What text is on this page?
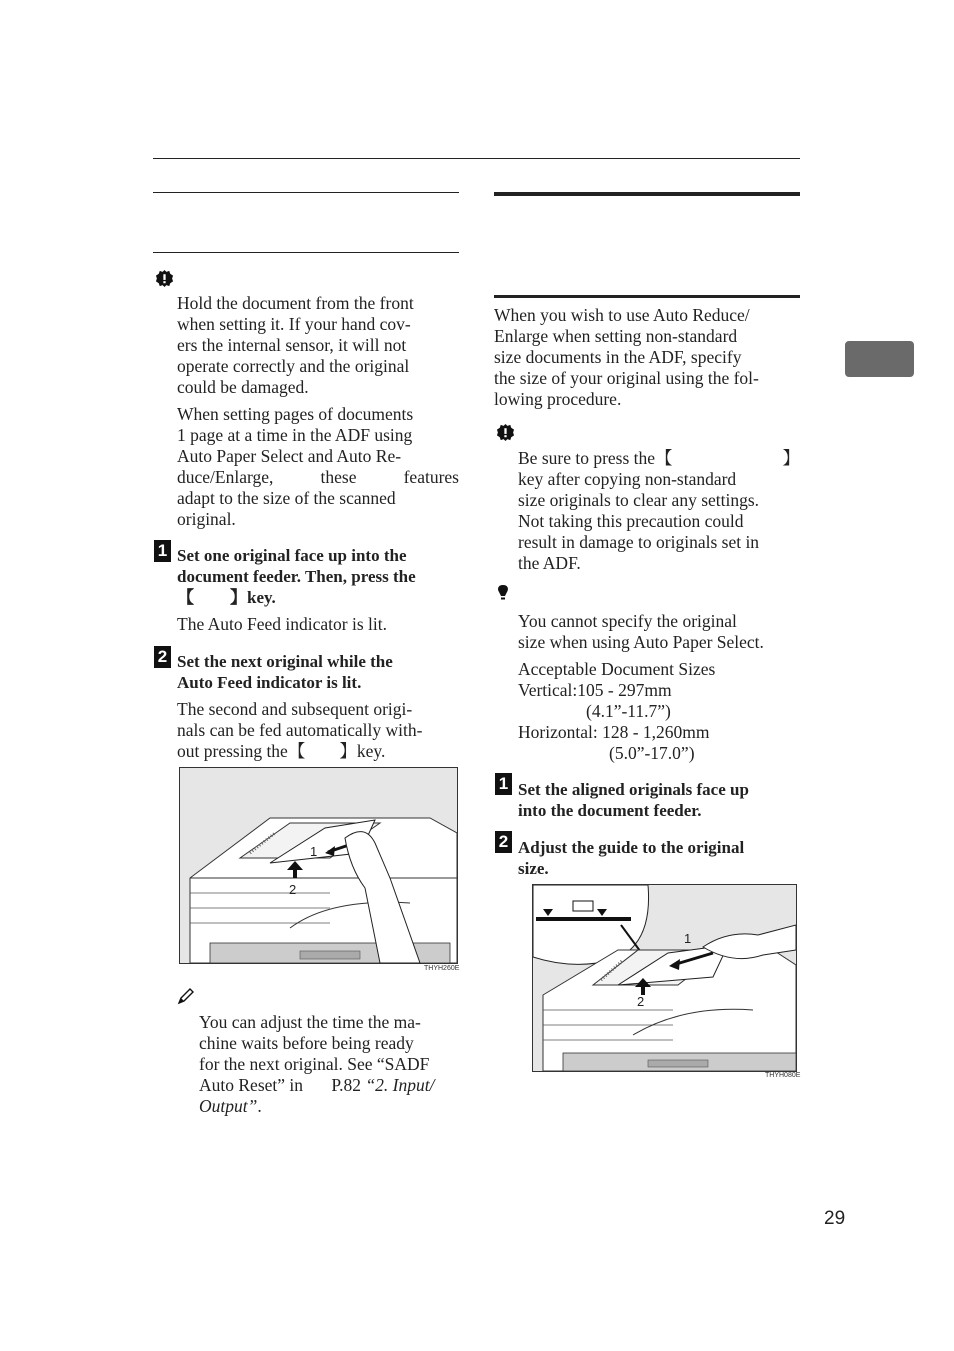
Hold the document from the front
when setting it. If your hand cov-
ers the internal sensor, it will not
operate correctly and the original
could be damaged.
When setting pages of documents
1 page at a time in the ADF using
Auto Paper Select and Auto Re-
duce/Enlarge, these features
adapt to the size of the scanned
original.
1 Set one original face up into the
document feeder. Then, press the
【 】key.
The Auto Feed indicator is lit.
2 Set the next original while the
Auto Feed indicator is lit.
The second and subsequent origi-
nals can be fed automatically with-
out pressing the【 】key.
1
2
THYH260E
You can adjust the time the ma-
chine waits before being ready
for the next original. See “SADF
Auto Reset” in P.82 “2. Input/
Output”.
When you wish to use Auto Reduce/
Enlarge when setting non-standard
size documents in the ADF, specify
the size of your original using the fol-
lowing procedure.
Be sure to press the【	】
key after copying non-standard
size originals to clear any settings.
Not taking this precaution could
result in damage to originals set in
the ADF.
You cannot specify the original
size when using Auto Paper Select.
Acceptable Document Sizes
Vertical:105 - 297mm
(4.1”-11.7”)
Horizontal: 128 - 1,260mm
(5.0”-17.0”)
1 Set the aligned originals face up
into the document feeder.
2 Adjust the guide to the original
size.
1
2
THYH080E
29
